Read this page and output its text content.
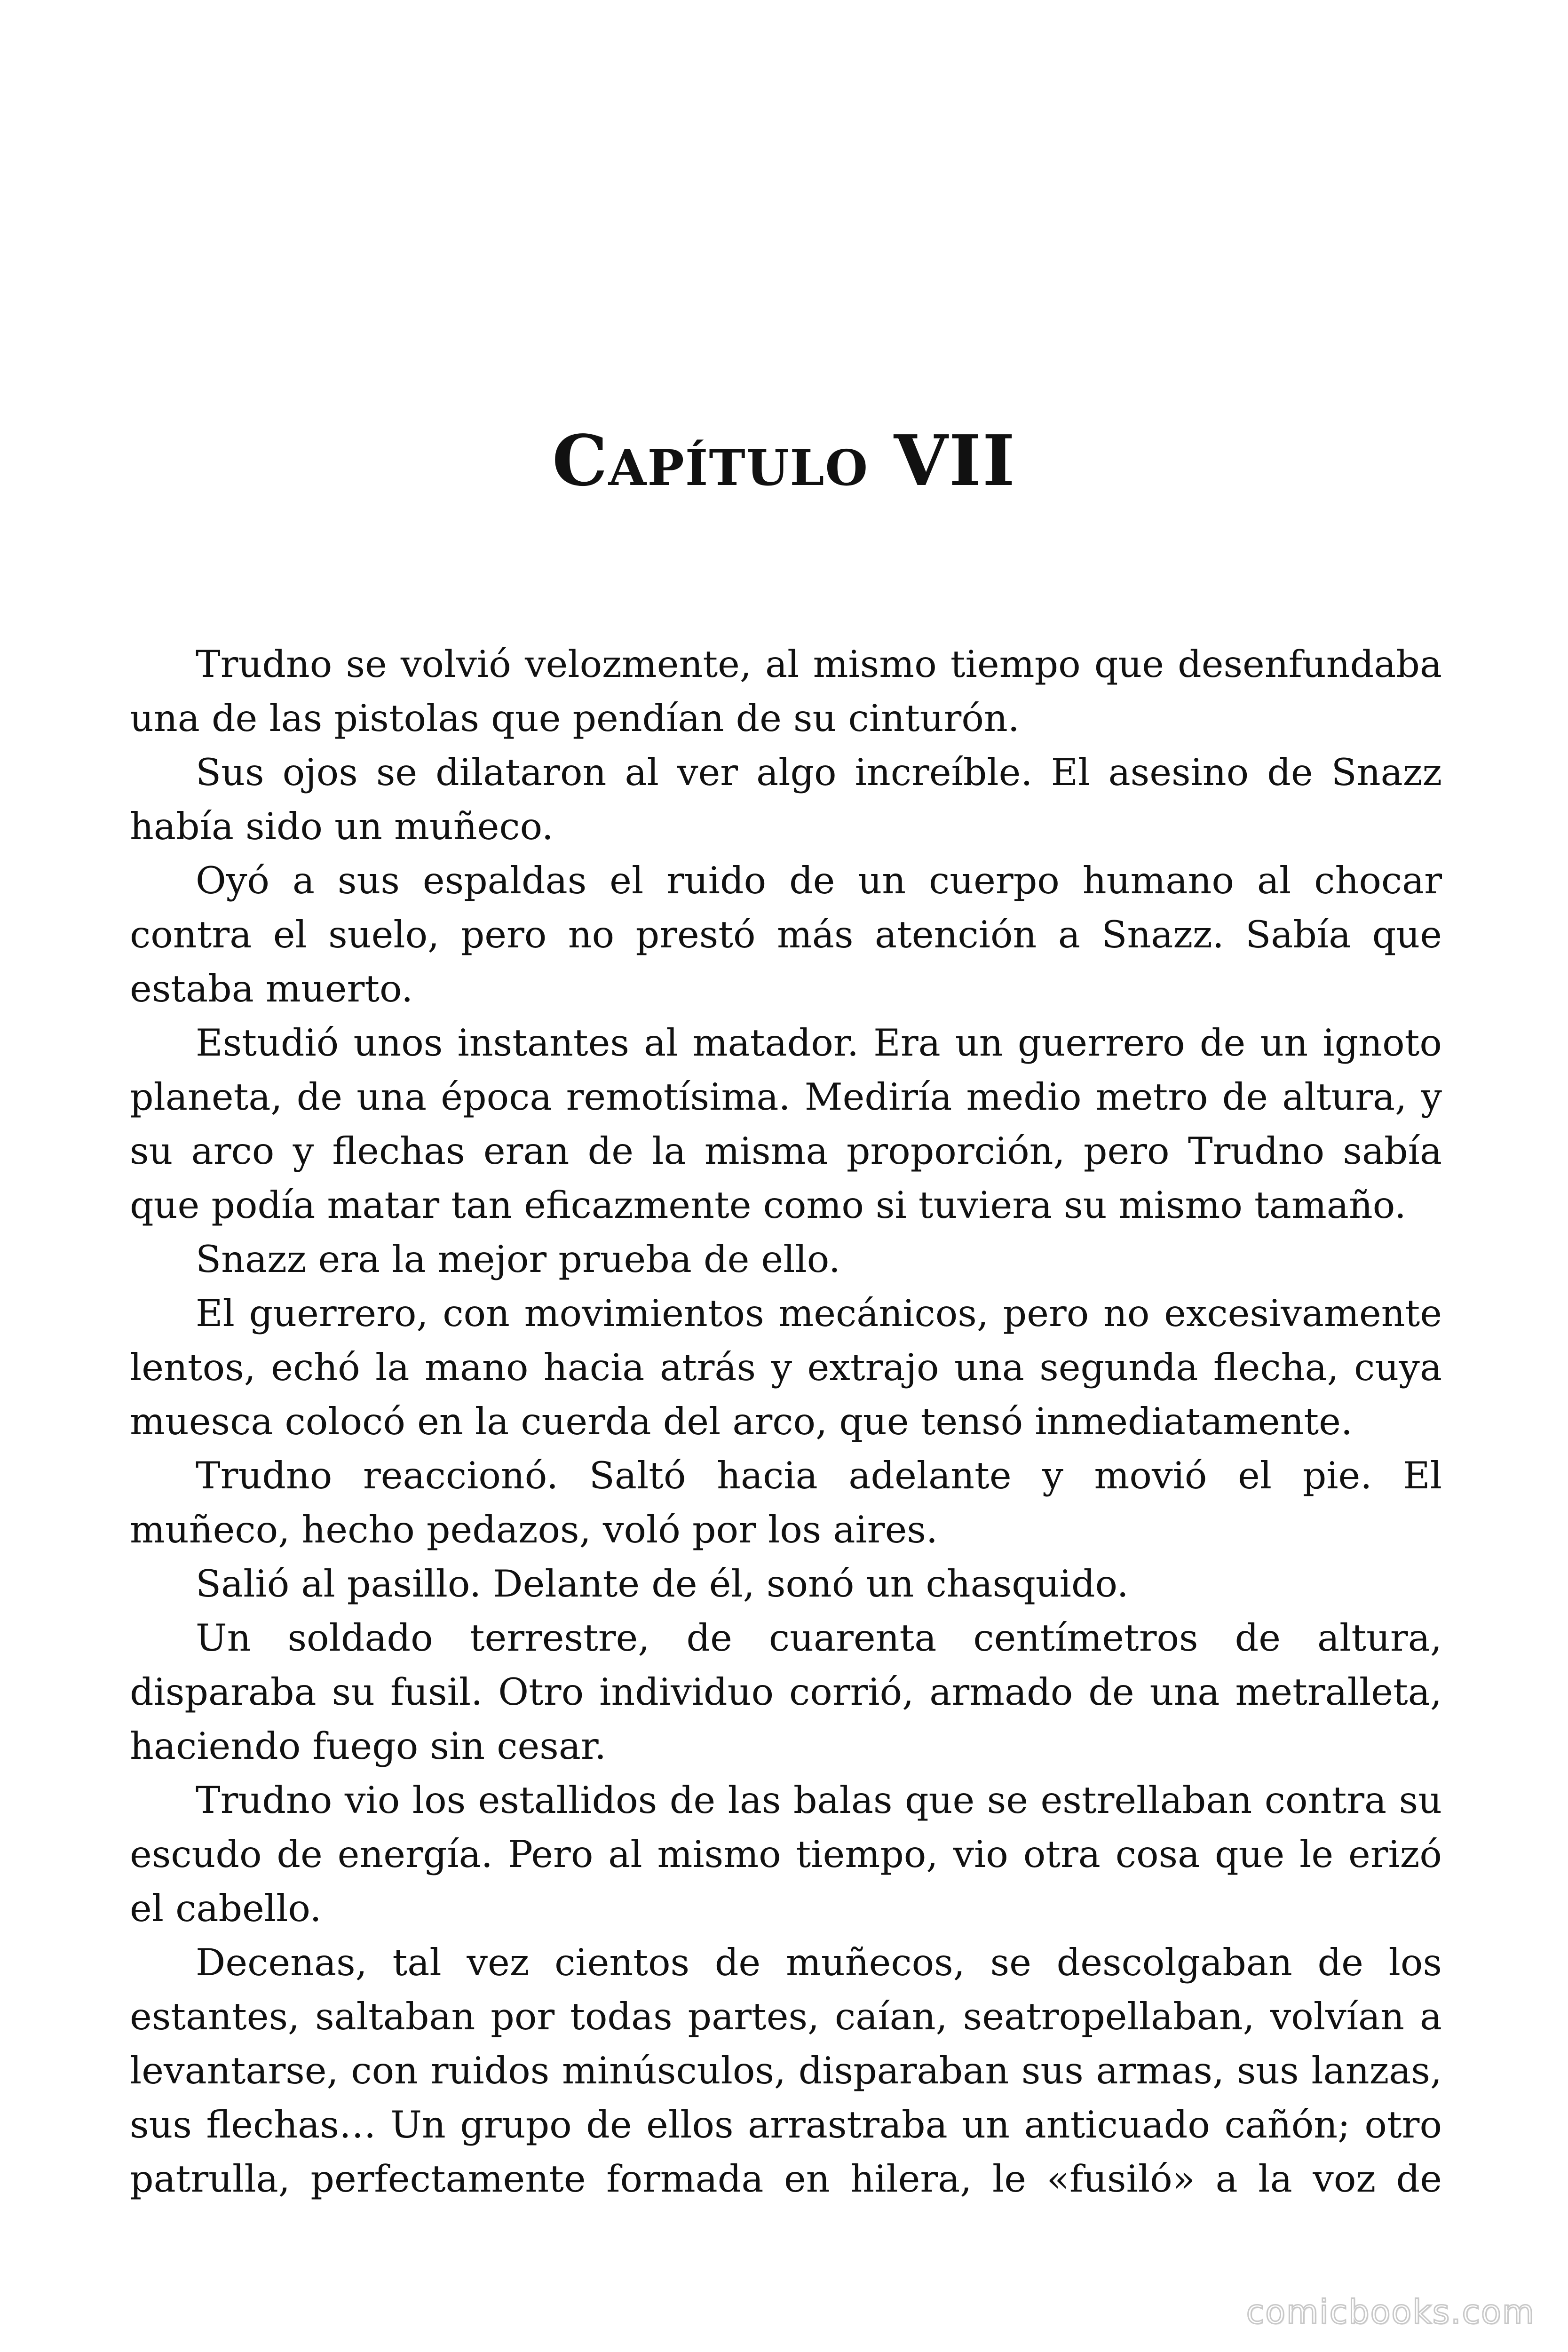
Capítulo VII

Trudno se volvió velozmente, al mismo tiempo que desenfundaba una de las pistolas que pendían de su cinturón.

Sus ojos se dilataron al ver algo increíble. El asesino de Snazz había sido un muñeco.

Oyó a sus espaldas el ruido de un cuerpo humano al chocar contra el suelo, pero no prestó más atención a Snazz. Sabía que estaba muerto.

Estudió unos instantes al matador. Era un guerrero de un ignoto planeta, de una época remotísima. Mediría medio metro de altura, y su arco y flechas eran de la misma proporción, pero Trudno sabía que podía matar tan eficazmente como si tuviera su mismo tamaño.

Snazz era la mejor prueba de ello.

El guerrero, con movimientos mecánicos, pero no excesivamente lentos, echó la mano hacia atrás y extrajo una segunda flecha, cuya muesca colocó en la cuerda del arco, que tensó inmediatamente.

Trudno reaccionó. Saltó hacia adelante y movió el pie. El muñeco, hecho pedazos, voló por los aires.

Salió al pasillo. Delante de él, sonó un chasquido.

Un soldado terrestre, de cuarenta centímetros de altura, disparaba su fusil. Otro individuo corrió, armado de una metralleta, haciendo fuego sin cesar.

Trudno vio los estallidos de las balas que se estrellaban contra su escudo de energía. Pero al mismo tiempo, vio otra cosa que le erizó el cabello.

Decenas, tal vez cientos de muñecos, se descolgaban de los estantes, saltaban por todas partes, caían, seatropellaban, volvían a levantarse, con ruidos minúsculos, disparaban sus armas, sus lanzas, sus flechas… Un grupo de ellos arrastraba un anticuado cañón; otro patrulla, perfectamente formada en hilera, le «fusiló» a la voz de

comicbooks.com
